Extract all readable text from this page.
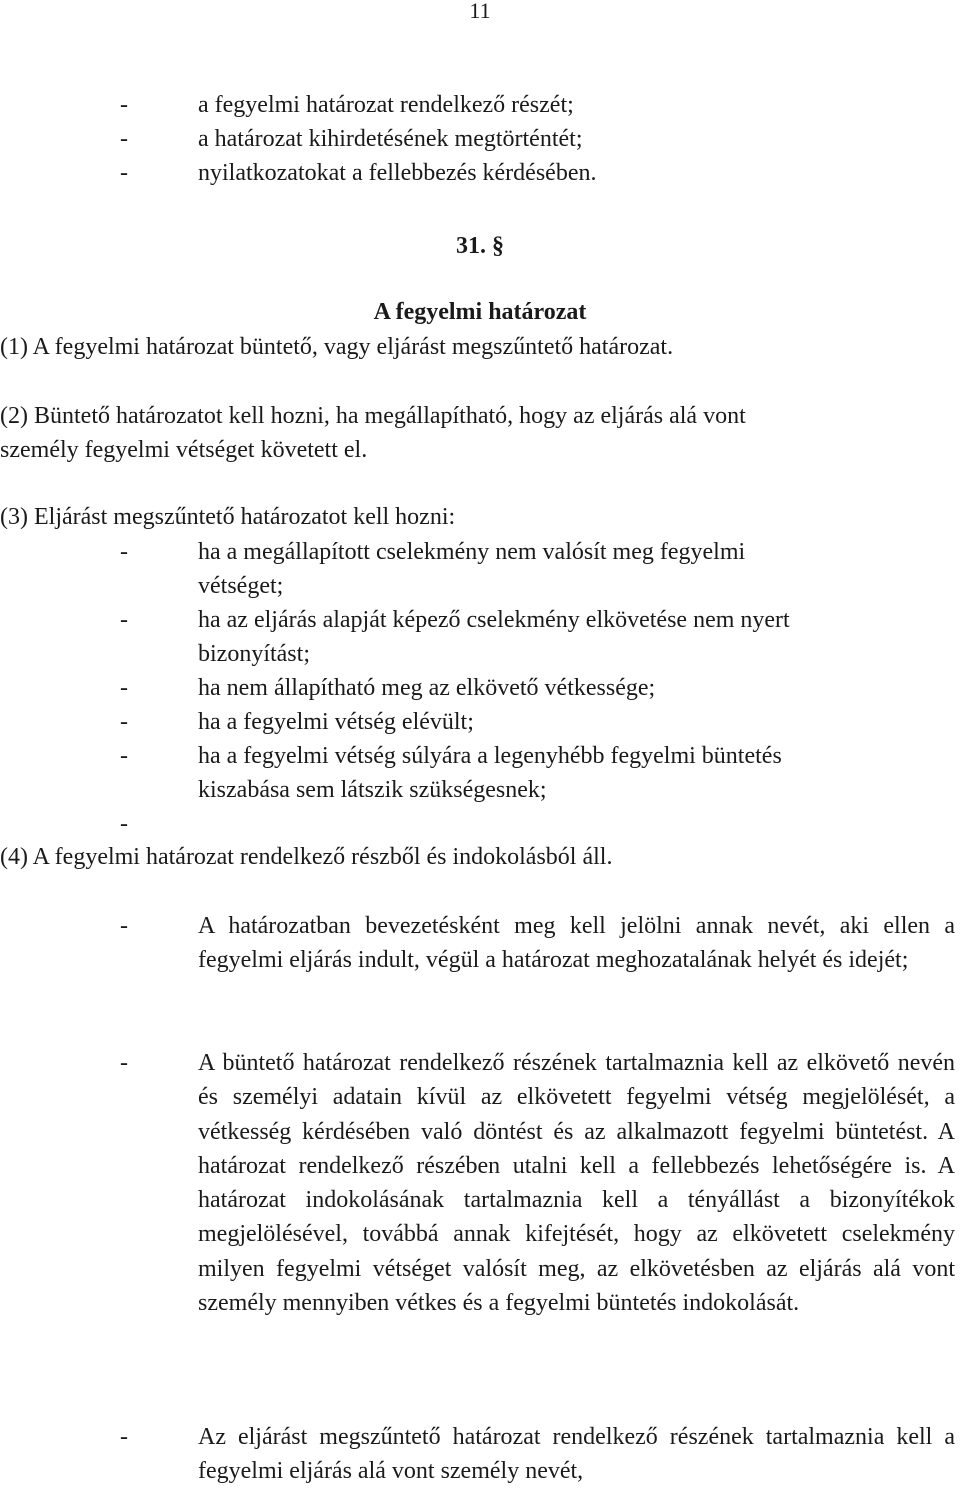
11
-	a fegyelmi határozat rendelkező részét;
-	a határozat kihirdetésének megtörténtét;
-	nyilatkozatokat a fellebbezés kérdésében.
31. §
A fegyelmi határozat
(1) A fegyelmi határozat büntető, vagy eljárást megszűntető határozat.
(2) Büntető határozatot kell hozni, ha megállapítható, hogy az eljárás alá vont
személy fegyelmi vétséget követett el.
(3) Eljárást megszűntető határozatot kell hozni:
-	ha a megállapított cselekmény nem valósít meg fegyelmi
vétséget;
-	ha az eljárás alapját képező cselekmény elkövetése nem nyert
bizonyítást;
-	ha nem állapítható meg az elkövető vétkessége;
-	ha a fegyelmi vétség elévült;
-	ha a fegyelmi vétség súlyára a legenyhébb fegyelmi büntetés
kiszabása sem látszik szükségesnek;
-
(4) A fegyelmi határozat rendelkező részből és indokolásból áll.
-	A határozatban bevezetésként meg kell jelölni annak nevét, aki ellen a fegyelmi eljárás indult, végül a határozat meghozatalának helyét és idejét;
-	A büntető határozat rendelkező részének tartalmaznia kell az elkövető nevén és személyi adatain kívül az elkövetett fegyelmi vétség megjelölését, a vétkesség kérdésében való döntést és az alkalmazott fegyelmi büntetést. A határozat rendelkező részében utalni kell a fellebbezés lehetőségére is. A határozat indokolásának tartalmaznia kell a tényállást a bizonyítékok megjelölésével, továbbá annak kifejtését, hogy az elkövetett cselekmény milyen fegyelmi vétséget valósít meg, az elkövetésben az eljárás alá vont személy mennyiben vétkes és a fegyelmi büntetés indokolását.
-	Az eljárást megszűntető határozat rendelkező részének tartalmaznia kell a fegyelmi eljárás alá vont személy nevét,
